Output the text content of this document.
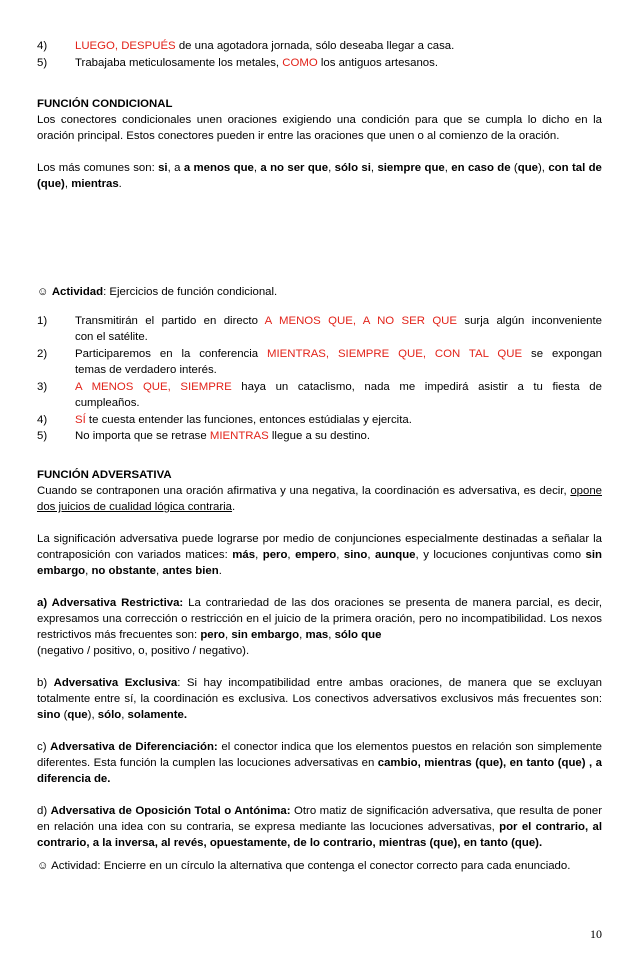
4) LUEGO, DESPUÉS de una agotadora jornada, sólo deseaba llegar a casa.
5) Trabajaba meticulosamente los metales, COMO los antiguos artesanos.
FUNCIÓN CONDICIONAL
Los conectores condicionales unen oraciones exigiendo una condición para que se cumpla lo dicho en la oración principal. Estos conectores pueden ir entre las oraciones que unen o al comienzo de la oración.
Los más comunes son: si, a a menos que, a no ser que, sólo si, siempre que, en caso de (que), con tal de (que), mientras.
☺ Actividad: Ejercicios de función condicional.
1) Transmitirán el partido en directo A MENOS QUE, A NO SER QUE surja algún inconveniente
con el satélite.
2) Participaremos en la conferencia MIENTRAS, SIEMPRE QUE, CON TAL QUE se expongan
temas de verdadero interés.
3) A MENOS QUE, SIEMPRE haya un cataclismo, nada me impedirá asistir a tu fiesta de
cumpleaños.
4) SÍ te cuesta entender las funciones, entonces estúdialas y ejercita.
5) No importa que se retrase MIENTRAS llegue a su destino.
FUNCIÓN ADVERSATIVA
Cuando se contraponen una oración afirmativa y una negativa, la coordinación es adversativa, es decir, opone dos juicios de cualidad lógica contraria.
La significación adversativa puede lograrse por medio de conjunciones especialmente destinadas a señalar la contraposición con variados matices: más, pero, empero, sino, aunque, y locuciones conjuntivas como sin embargo, no obstante, antes bien.
a) Adversativa Restrictiva: La contrariedad de las dos oraciones se presenta de manera parcial, es decir, expresamos una corrección o restricción en el juicio de la primera oración, pero no incompatibilidad. Los nexos restrictivos más frecuentes son: pero, sin embargo, mas, sólo que
(negativo / positivo, o, positivo / negativo).
b) Adversativa Exclusiva: Si hay incompatibilidad entre ambas oraciones, de manera que se excluyan totalmente entre sí, la coordinación es exclusiva. Los conectivos adversativos exclusivos más frecuentes son: sino (que), sólo, solamente.
c) Adversativa de Diferenciación: el conector indica que los elementos puestos en relación son simplemente diferentes. Esta función la cumplen las locuciones adversativas en cambio, mientras (que), en tanto (que) , a diferencia de.
d) Adversativa de Oposición Total o Antónima: Otro matiz de significación adversativa, que resulta de poner en relación una idea con su contraria, se expresa mediante las locuciones adversativas, por el contrario, al contrario, a la inversa, al revés, opuestamente, de lo contrario, mientras (que), en tanto (que).
☺ Actividad: Encierre en un círculo la alternativa que contenga el conector correcto para cada enunciado.
10
